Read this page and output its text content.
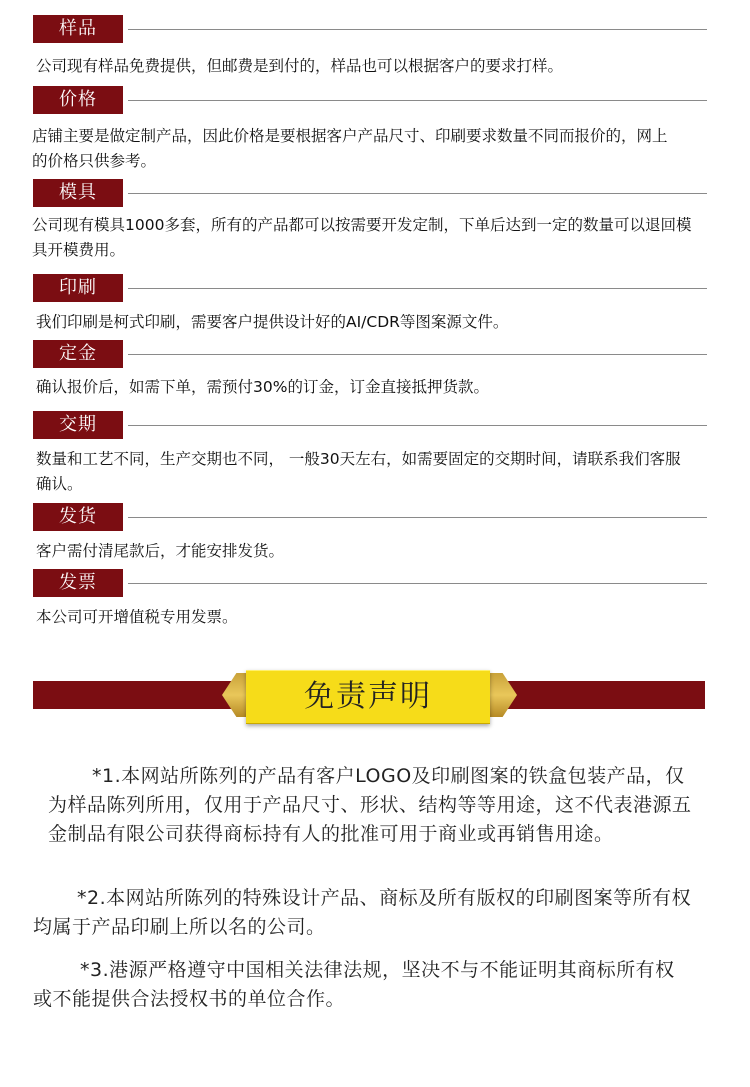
样品
公司现有样品免费提供，但邮费是到付的，样品也可以根据客户的要求打样。
价格
店铺主要是做定制产品，因此价格是要根据客户产品尺寸、印刷要求数量不同而报价的，网上的价格只供参考。
模具
公司现有模具1000多套，所有的产品都可以按需要开发定制，下单后达到一定的数量可以退回模具开模费用。
印刷
我们印刷是柯式印刷，需要客户提供设计好的AI/CDR等图案源文件。
定金
确认报价后，如需下单，需预付30%的订金，订金直接抵押货款。
交期
数量和工艺不同，生产交期也不同， 一般30天左右，如需要固定的交期时间，请联系我们客服确认。
发货
客户需付清尾款后，才能安排发货。
发票
本公司可开增值税专用发票。
免责声明
*1.本网站所陈列的产品有客户LOGO及印刷图案的铁盒包装产品，仅为样品陈列所用，仅用于产品尺寸、形状、结构等等用途，这不代表港源五金制品有限公司获得商标持有人的批准可用于商业或再销售用途。
*2.本网站所陈列的特殊设计产品、商标及所有版权的印刷图案等所有权均属于产品印刷上所以名的公司。
*3.港源严格遵守中国相关法律法规，坚决不与不能证明其商标所有权或不能提供合法授权书的单位合作。
